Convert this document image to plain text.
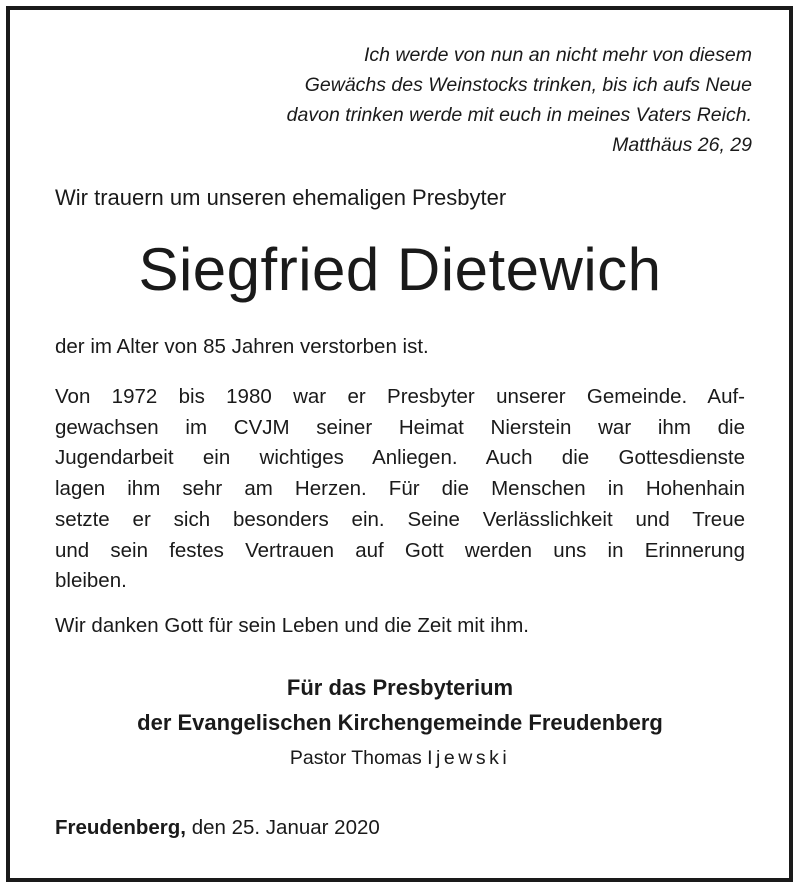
Ich werde von nun an nicht mehr von diesem
Gewächs des Weinstocks trinken, bis ich aufs Neue
davon trinken werde mit euch in meines Vaters Reich.
Matthäus 26, 29
Wir trauern um unseren ehemaligen Presbyter
Siegfried Dietewich
der im Alter von 85 Jahren verstorben ist.
Von 1972 bis 1980 war er Presbyter unserer Gemeinde. Auf-
gewachsen im CVJM seiner Heimat Nierstein war ihm die
Jugendarbeit ein wichtiges Anliegen. Auch die Gottesdienste
lagen ihm sehr am Herzen. Für die Menschen in Hohenhain
setzte er sich besonders ein. Seine Verlässlichkeit und Treue
und sein festes Vertrauen auf Gott werden uns in Erinnerung
bleiben.
Wir danken Gott für sein Leben und die Zeit mit ihm.
Für das Presbyterium
der Evangelischen Kirchengemeinde Freudenberg
Pastor Thomas Ijewski
Freudenberg, den 25. Januar 2020
